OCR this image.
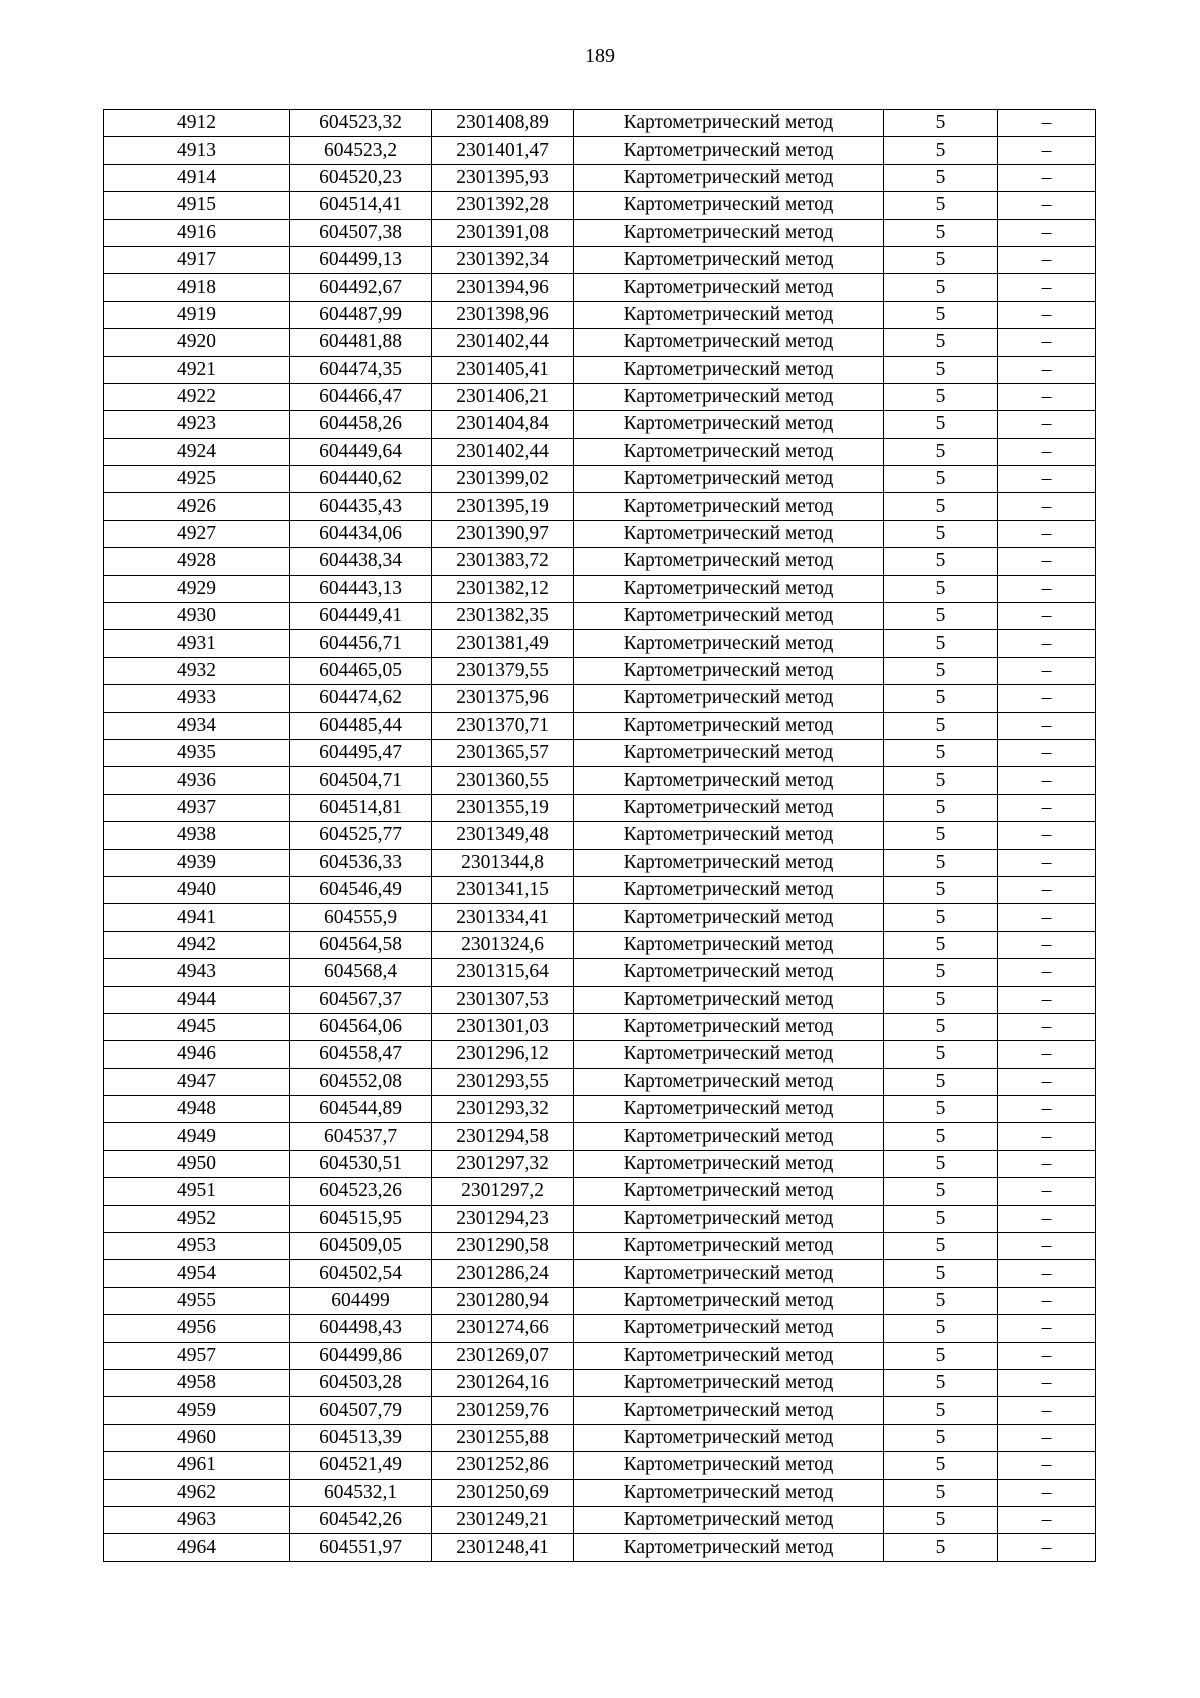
189
4912	604523,32	2301408,89	Картометрический метод	5	–
4913	604523,2	2301401,47	Картометрический метод	5	–
4914	604520,23	2301395,93	Картометрический метод	5	–
4915	604514,41	2301392,28	Картометрический метод	5	–
4916	604507,38	2301391,08	Картометрический метод	5	–
4917	604499,13	2301392,34	Картометрический метод	5	–
4918	604492,67	2301394,96	Картометрический метод	5	–
4919	604487,99	2301398,96	Картометрический метод	5	–
4920	604481,88	2301402,44	Картометрический метод	5	–
4921	604474,35	2301405,41	Картометрический метод	5	–
4922	604466,47	2301406,21	Картометрический метод	5	–
4923	604458,26	2301404,84	Картометрический метод	5	–
4924	604449,64	2301402,44	Картометрический метод	5	–
4925	604440,62	2301399,02	Картометрический метод	5	–
4926	604435,43	2301395,19	Картометрический метод	5	–
4927	604434,06	2301390,97	Картометрический метод	5	–
4928	604438,34	2301383,72	Картометрический метод	5	–
4929	604443,13	2301382,12	Картометрический метод	5	–
4930	604449,41	2301382,35	Картометрический метод	5	–
4931	604456,71	2301381,49	Картометрический метод	5	–
4932	604465,05	2301379,55	Картометрический метод	5	–
4933	604474,62	2301375,96	Картометрический метод	5	–
4934	604485,44	2301370,71	Картометрический метод	5	–
4935	604495,47	2301365,57	Картометрический метод	5	–
4936	604504,71	2301360,55	Картометрический метод	5	–
4937	604514,81	2301355,19	Картометрический метод	5	–
4938	604525,77	2301349,48	Картометрический метод	5	–
4939	604536,33	2301344,8	Картометрический метод	5	–
4940	604546,49	2301341,15	Картометрический метод	5	–
4941	604555,9	2301334,41	Картометрический метод	5	–
4942	604564,58	2301324,6	Картометрический метод	5	–
4943	604568,4	2301315,64	Картометрический метод	5	–
4944	604567,37	2301307,53	Картометрический метод	5	–
4945	604564,06	2301301,03	Картометрический метод	5	–
4946	604558,47	2301296,12	Картометрический метод	5	–
4947	604552,08	2301293,55	Картометрический метод	5	–
4948	604544,89	2301293,32	Картометрический метод	5	–
4949	604537,7	2301294,58	Картометрический метод	5	–
4950	604530,51	2301297,32	Картометрический метод	5	–
4951	604523,26	2301297,2	Картометрический метод	5	–
4952	604515,95	2301294,23	Картометрический метод	5	–
4953	604509,05	2301290,58	Картометрический метод	5	–
4954	604502,54	2301286,24	Картометрический метод	5	–
4955	604499	2301280,94	Картометрический метод	5	–
4956	604498,43	2301274,66	Картометрический метод	5	–
4957	604499,86	2301269,07	Картометрический метод	5	–
4958	604503,28	2301264,16	Картометрический метод	5	–
4959	604507,79	2301259,76	Картометрический метод	5	–
4960	604513,39	2301255,88	Картометрический метод	5	–
4961	604521,49	2301252,86	Картометрический метод	5	–
4962	604532,1	2301250,69	Картометрический метод	5	–
4963	604542,26	2301249,21	Картометрический метод	5	–
4964	604551,97	2301248,41	Картометрический метод	5	–
